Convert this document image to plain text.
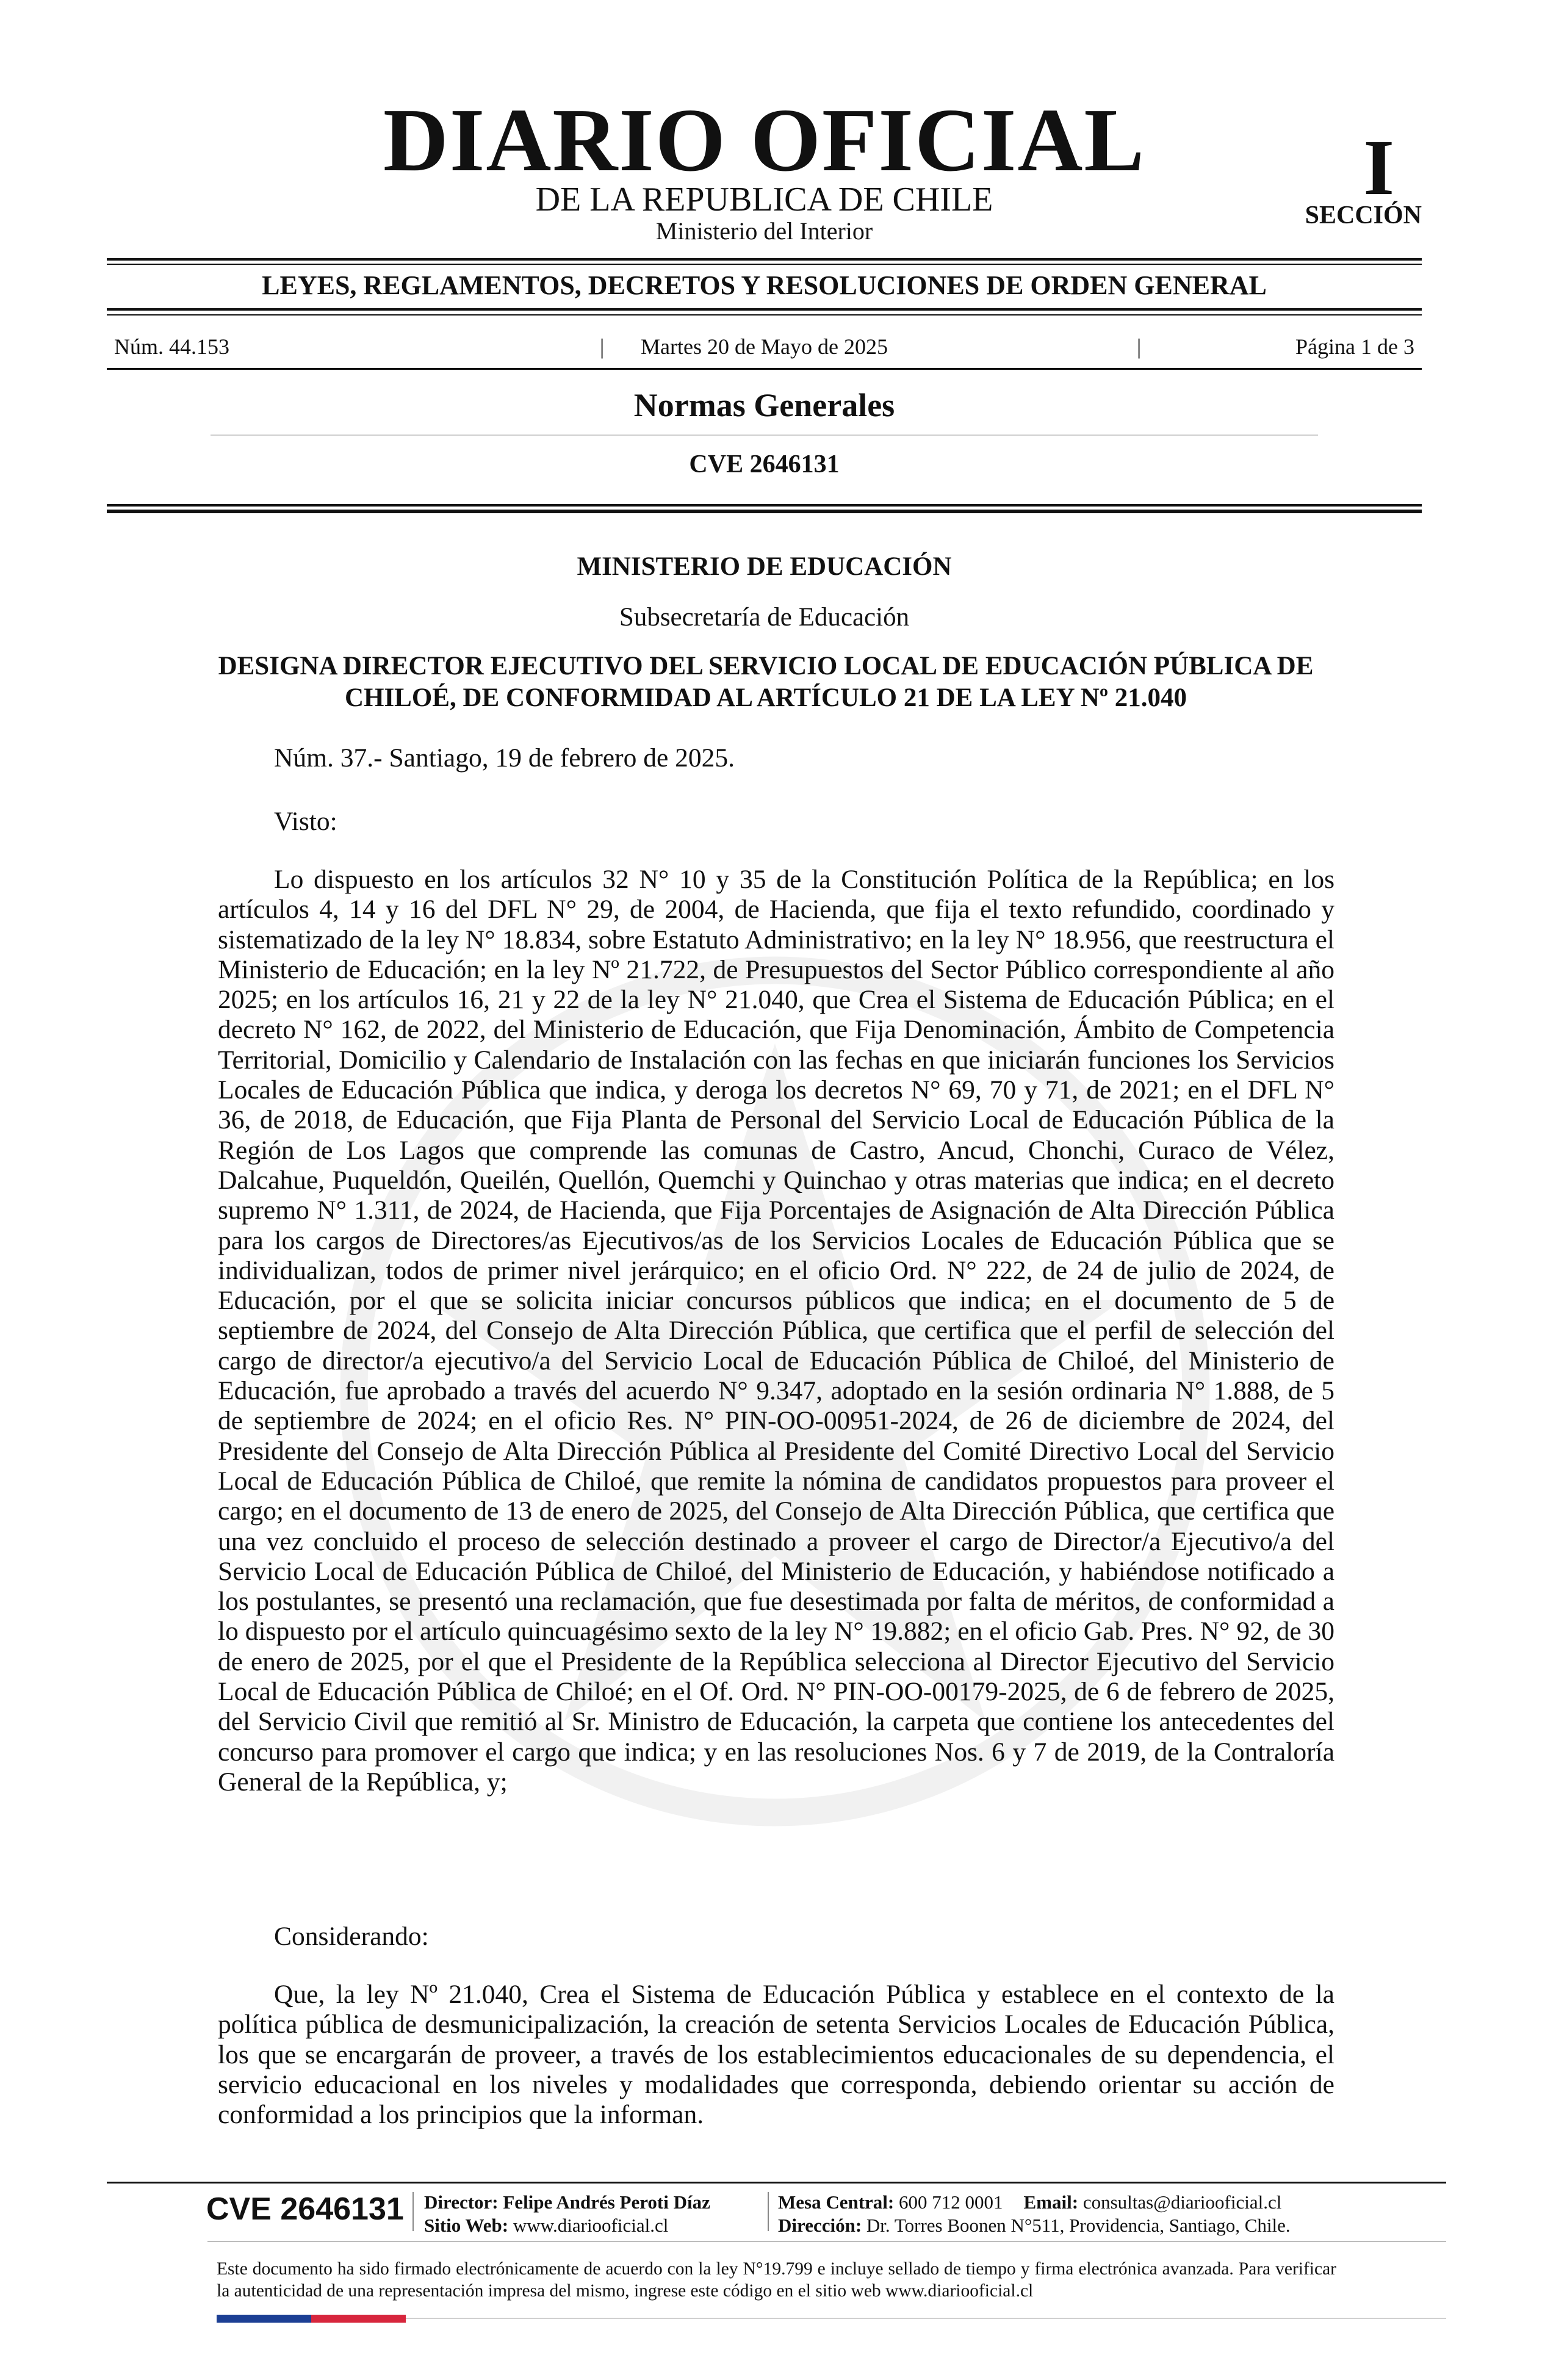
DIARIO OFICIAL
DE LA REPUBLICA DE CHILE
Ministerio del Interior
I
SECCIÓN
LEYES, REGLAMENTOS, DECRETOS Y RESOLUCIONES DE ORDEN GENERAL
Núm. 44.153	|	Martes 20 de Mayo de 2025	|	Página 1 de 3
Normas Generales
CVE 2646131
MINISTERIO DE EDUCACIÓN
Subsecretaría de Educación
DESIGNA DIRECTOR EJECUTIVO DEL SERVICIO LOCAL DE EDUCACIÓN PÚBLICA DE CHILOÉ, DE CONFORMIDAD AL ARTÍCULO 21 DE LA LEY Nº 21.040

Núm. 37.- Santiago, 19 de febrero de 2025.

Visto:

Lo dispuesto en los artículos 32 N° 10 y 35 de la Constitución Política de la República; en los artículos 4, 14 y 16 del DFL N° 29, de 2004, de Hacienda, que fija el texto refundido, coordinado y sistematizado de la ley N° 18.834, sobre Estatuto Administrativo; en la ley N° 18.956, que reestructura el Ministerio de Educación; en la ley Nº 21.722, de Presupuestos del Sector Público correspondiente al año 2025; en los artículos 16, 21 y 22 de la ley N° 21.040, que Crea el Sistema de Educación Pública; en el decreto N° 162, de 2022, del Ministerio de Educación, que Fija Denominación, Ámbito de Competencia Territorial, Domicilio y Calendario de Instalación con las fechas en que iniciarán funciones los Servicios Locales de Educación Pública que indica, y deroga los decretos N° 69, 70 y 71, de 2021; en el DFL N° 36, de 2018, de Educación, que Fija Planta de Personal del Servicio Local de Educación Pública de la Región de Los Lagos que comprende las comunas de Castro, Ancud, Chonchi, Curaco de Vélez, Dalcahue, Puqueldón, Queilén, Quellón, Quemchi y Quinchao y otras materias que indica; en el decreto supremo N° 1.311, de 2024, de Hacienda, que Fija Porcentajes de Asignación de Alta Dirección Pública para los cargos de Directores/as Ejecutivos/as de los Servicios Locales de Educación Pública que se individualizan, todos de primer nivel jerárquico; en el oficio Ord. N° 222, de 24 de julio de 2024, de Educación, por el que se solicita iniciar concursos públicos que indica; en el documento de 5 de septiembre de 2024, del Consejo de Alta Dirección Pública, que certifica que el perfil de selección del cargo de director/a ejecutivo/a del Servicio Local de Educación Pública de Chiloé, del Ministerio de Educación, fue aprobado a través del acuerdo N° 9.347, adoptado en la sesión ordinaria N° 1.888, de 5 de septiembre de 2024; en el oficio Res. N° PIN-OO-00951-2024, de 26 de diciembre de 2024, del Presidente del Consejo de Alta Dirección Pública al Presidente del Comité Directivo Local del Servicio Local de Educación Pública de Chiloé, que remite la nómina de candidatos propuestos para proveer el cargo; en el documento de 13 de enero de 2025, del Consejo de Alta Dirección Pública, que certifica que una vez concluido el proceso de selección destinado a proveer el cargo de Director/a Ejecutivo/a del Servicio Local de Educación Pública de Chiloé, del Ministerio de Educación, y habiéndose notificado a los postulantes, se presentó una reclamación, que fue desestimada por falta de méritos, de conformidad a lo dispuesto por el artículo quincuagésimo sexto de la ley N° 19.882; en el oficio Gab. Pres. N° 92, de 30 de enero de 2025, por el que el Presidente de la República selecciona al Director Ejecutivo del Servicio Local de Educación Pública de Chiloé; en el Of. Ord. N° PIN-OO-00179-2025, de 6 de febrero de 2025, del Servicio Civil que remitió al Sr. Ministro de Educación, la carpeta que contiene los antecedentes del concurso para promover el cargo que indica; y en las resoluciones Nos. 6 y 7 de 2019, de la Contraloría General de la República, y;

Considerando:

Que, la ley Nº 21.040, Crea el Sistema de Educación Pública y establece en el contexto de la política pública de desmunicipalización, la creación de setenta Servicios Locales de Educación Pública, los que se encargarán de proveer, a través de los establecimientos educacionales de su dependencia, el servicio educacional en los niveles y modalidades que corresponda, debiendo orientar su acción de conformidad a los principios que la informan.

CVE 2646131 Director: Felipe Andrés Peroti Díaz
Sitio Web: www.diariooficial.cl
Mesa Central: 600 712 0001 Email: consultas@diariooficial.cl
Dirección: Dr. Torres Boonen N°511, Providencia, Santiago, Chile.
Este documento ha sido firmado electrónicamente de acuerdo con la ley N°19.799 e incluye sellado de tiempo y firma electrónica avanzada. Para verificar la autenticidad de una representación impresa del mismo, ingrese este código en el sitio web www.diariooficial.cl
